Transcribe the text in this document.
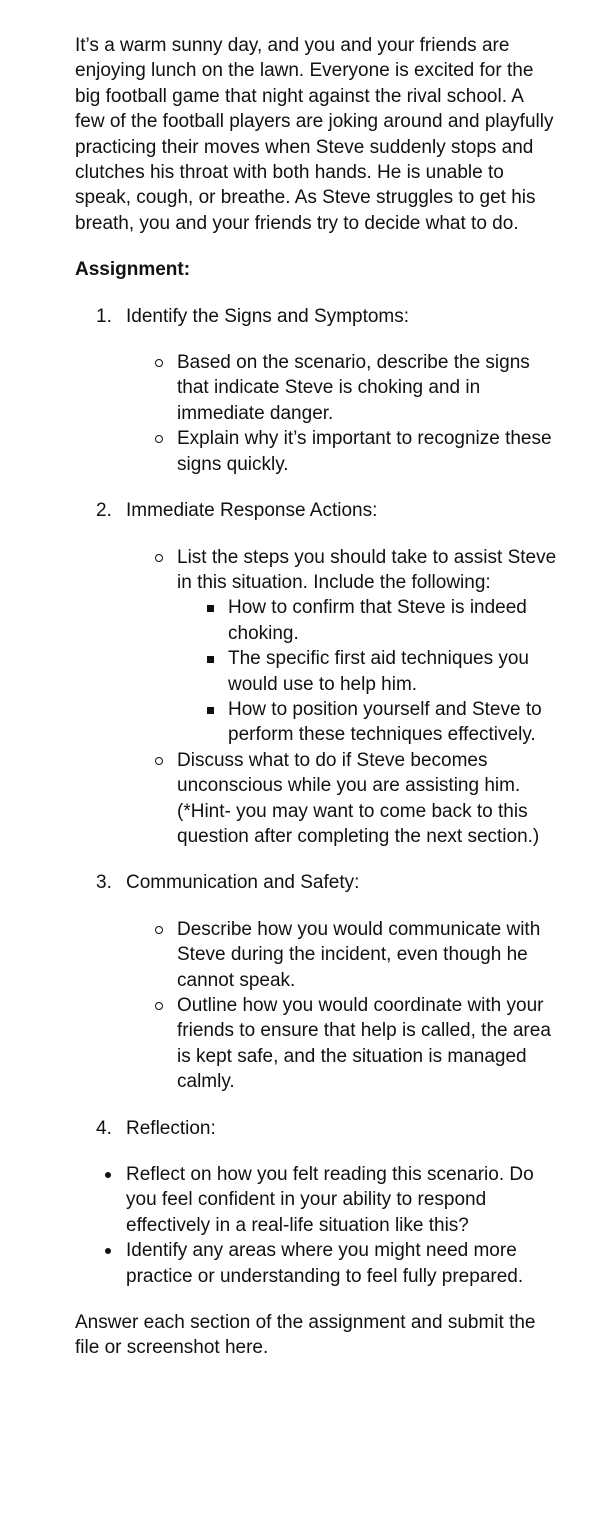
It’s a warm sunny day, and you and your friends are enjoying lunch on the lawn. Everyone is excited for the big football game that night against the rival school. A few of the football players are joking around and playfully practicing their moves when Steve suddenly stops and clutches his throat with both hands. He is unable to speak, cough, or breathe. As Steve struggles to get his breath, you and your friends try to decide what to do.

Assignment:

1. Identify the Signs and Symptoms:
Based on the scenario, describe the signs that indicate Steve is choking and in immediate danger.
Explain why it’s important to recognize these signs quickly.
2. Immediate Response Actions:
List the steps you should take to assist Steve in this situation. Include the following:
How to confirm that Steve is indeed choking.
The specific first aid techniques you would use to help him.
How to position yourself and Steve to perform these techniques effectively.
Discuss what to do if Steve becomes unconscious while you are assisting him. (*Hint- you may want to come back to this question after completing the next section.)
3. Communication and Safety:
Describe how you would communicate with Steve during the incident, even though he cannot speak.
Outline how you would coordinate with your friends to ensure that help is called, the area is kept safe, and the situation is managed calmly.
4. Reflection:
Reflect on how you felt reading this scenario. Do you feel confident in your ability to respond effectively in a real-life situation like this?
Identify any areas where you might need more practice or understanding to feel fully prepared.

Answer each section of the assignment and submit the file or screenshot here.
